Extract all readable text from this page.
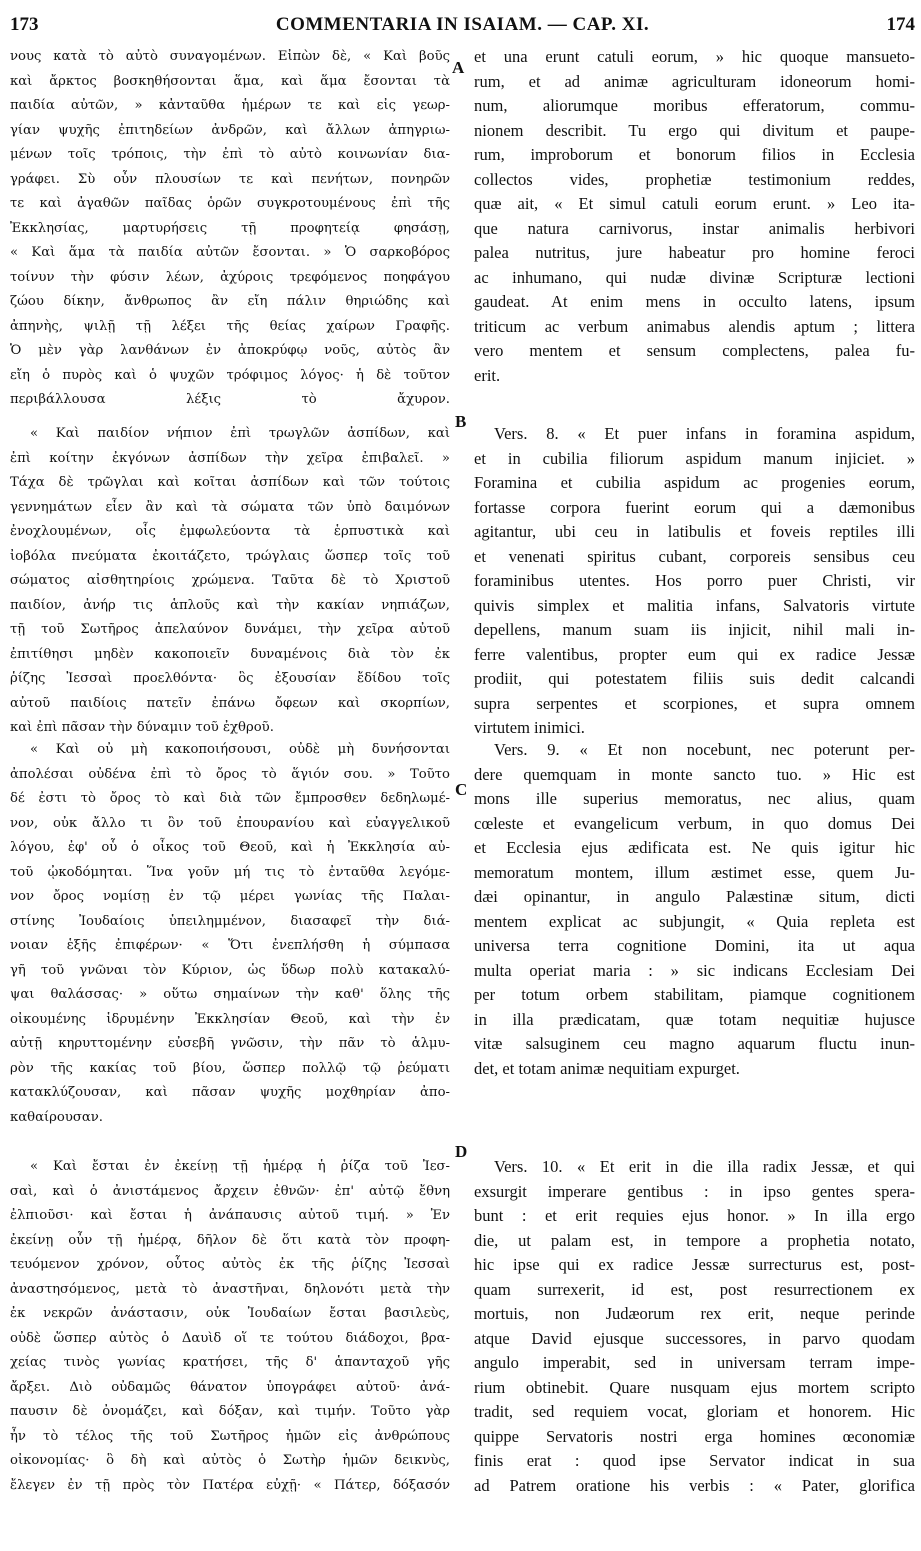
173	COMMENTARIA IN ISAIAM. — CAP. XI.	174
A
B
C
D
νους κατὰ τὸ αὐτὸ συναγομένων. Εἰπὼν δὲ, « Καὶ βοῦς
καὶ ἄρκτος βοσκηθήσονται ἅμα, καὶ ἅμα ἔσονται τὰ
παιδία αὐτῶν, » κἀνταῦθα ἡμέρων τε καὶ εἰς γεωρ-
γίαν ψυχῆς ἐπιτηδείων ἀνδρῶν, καὶ ἄλλων ἀπηγριω-
μένων τοῖς τρόποις, τὴν ἐπὶ τὸ αὐτὸ κοινωνίαν δια-
γράφει. Σὺ οὖν πλουσίων τε καὶ πενήτων, πονηρῶν
τε καὶ ἀγαθῶν παῖδας ὁρῶν συγκροτουμένους ἐπὶ τῆς
Ἐκκλησίας, μαρτυρήσεις τῇ προφητείᾳ φησάσῃ,
« Καὶ ἅμα τὰ παιδία αὐτῶν ἔσονται. » Ὁ σαρκοβόρος
τοίνυν τὴν φύσιν λέων, ἀχύροις τρεφόμενος ποηφάγου
ζώου δίκην, ἄνθρωπος ἂν εἴη πάλιν θηριώδης καὶ
ἀπηνὴς, ψιλῇ τῇ λέξει τῆς θείας χαίρων Γραφῆς.
Ὁ μὲν γὰρ λανθάνων ἐν ἀποκρύφῳ νοῦς, αὐτὸς ἂν
εἴη ὁ πυρὸς καὶ ὁ ψυχῶν τρόφιμος λόγος· ἡ δὲ τοῦτον
περιβάλλουσα λέξις τὸ ἄχυρον.
« Καὶ παιδίον νήπιον ἐπὶ τρωγλῶν ἀσπίδων, καὶ
ἐπὶ κοίτην ἐκγόνων ἀσπίδων τὴν χεῖρα ἐπιβαλεῖ. »
Τάχα δὲ τρῶγλαι καὶ κοῖται ἀσπίδων καὶ τῶν τούτοις
γεννημάτων εἶεν ἂν καὶ τὰ σώματα τῶν ὑπὸ δαιμόνων
ἐνοχλουμένων, οἷς ἐμφωλεύοντα τὰ ἑρπυστικὰ καὶ
ἰοβόλα πνεύματα ἐκοιτάζετο, τρώγλαις ὥσπερ τοῖς τοῦ
σώματος αἰσθητηρίοις χρώμενα. Ταῦτα δὲ τὸ Χριστοῦ
παιδίον, ἀνήρ τις ἁπλοῦς καὶ τὴν κακίαν νηπιάζων,
τῇ τοῦ Σωτῆρος ἀπελαύνον δυνάμει, τὴν χεῖρα αὐτοῦ
ἐπιτίθησι μηδὲν κακοποιεῖν δυναμένοις διὰ τὸν ἐκ
ῥίζης Ἰεσσαὶ προελθόντα· ὃς ἐξουσίαν ἔδίδου τοῖς
αὐτοῦ παιδίοις πατεῖν ἐπάνω ὄφεων καὶ σκορπίων,
καὶ ἐπὶ πᾶσαν τὴν δύναμιν τοῦ ἐχθροῦ.
« Καὶ οὐ μὴ κακοποιήσουσι, οὐδὲ μὴ δυνήσονται
ἀπολέσαι οὐδένα ἐπὶ τὸ ὄρος τὸ ἅγιόν σου. » Τοῦτο
δέ ἐστι τὸ ὄρος τὸ καὶ διὰ τῶν ἔμπροσθεν δεδηλωμέ-
νον, οὐκ ἄλλο τι ὂν τοῦ ἐπουρανίου καὶ εὐαγγελικοῦ
λόγου, ἐφ' οὗ ὁ οἶκος τοῦ Θεοῦ, καὶ ἡ Ἐκκλησία αὐ-
τοῦ ᾠκοδόμηται. Ἵνα γοῦν μή τις τὸ ἐνταῦθα λεγόμε-
νον ὄρος νομίσῃ ἐν τῷ μέρει γωνίας τῆς Παλαι-
στίνης Ἰουδαίοις ὑπειλημμένον, διασαφεῖ τὴν διά-
νοιαν ἑξῆς ἐπιφέρων· « Ὅτι ἐνεπλήσθη ἡ σύμπασα
γῆ τοῦ γνῶναι τὸν Κύριον, ὡς ὕδωρ πολὺ κατακαλύ-
ψαι θαλάσσας· » οὕτω σημαίνων τὴν καθ' ὅλης τῆς
οἰκουμένης ἱδρυμένην Ἐκκλησίαν Θεοῦ, καὶ τὴν ἐν
αὐτῇ κηρυττομένην εὐσεβῆ γνῶσιν, τὴν πᾶν τὸ ἁλμυ-
ρὸν τῆς κακίας τοῦ βίου, ὥσπερ πολλῷ τῷ ῥεύματι
κατακλύζουσαν, καὶ πᾶσαν ψυχῆς μοχθηρίαν ἀπο-
καθαίρουσαν.
« Καὶ ἔσται ἐν ἐκείνῃ τῇ ἡμέρᾳ ἡ ῥίζα τοῦ Ἰεσ-
σαὶ, καὶ ὁ ἀνιστάμενος ἄρχειν ἐθνῶν· ἐπ' αὐτῷ ἔθνη
ἐλπιοῦσι· καὶ ἔσται ἡ ἀνάπαυσις αὐτοῦ τιμή. » Ἐν
ἐκείνῃ οὖν τῇ ἡμέρᾳ, δῆλον δὲ ὅτι κατὰ τὸν προφη-
τευόμενον χρόνον, οὗτος αὐτὸς ἐκ τῆς ῥίζης Ἰεσσαὶ
ἀναστησόμενος, μετὰ τὸ ἀναστῆναι, δηλονότι μετὰ τὴν
ἐκ νεκρῶν ἀνάστασιν, οὐκ Ἰουδαίων ἔσται βασιλεὺς,
οὐδὲ ὥσπερ αὐτὸς ὁ Δαυὶδ οἵ τε τούτου διάδοχοι, βρα-
χείας τινὸς γωνίας κρατήσει, τῆς δ' ἁπανταχοῦ γῆς
ἄρξει. Διὸ οὐδαμῶς θάνατον ὑπογράφει αὐτοῦ· ἀνά-
παυσιν δὲ ὀνομάζει, καὶ δόξαν, καὶ τιμήν. Τοῦτο γὰρ
ἦν τὸ τέλος τῆς τοῦ Σωτῆρος ἡμῶν εἰς ἀνθρώπους
οἰκονομίας· ὃ δὴ καὶ αὐτὸς ὁ Σωτὴρ ἡμῶν δεικνὺς,
ἔλεγεν ἐν τῇ πρὸς τὸν Πατέρα εὐχῇ· « Πάτερ, δόξασόν
et una erunt catuli eorum, » hic quoque mansueto-
rum, et ad animæ agriculturam idoneorum homi-
num, aliorumque moribus efferatorum, commu-
nionem describit. Tu ergo qui divitum et paupe-
rum, improborum et bonorum filios in Ecclesia
collectos vides, prophetiæ testimonium reddes,
quæ ait, « Et simul catuli eorum erunt. » Leo ita-
que natura carnivorus, instar animalis herbivori
palea nutritus, jure habeatur pro homine feroci
ac inhumano, qui nudæ divinæ Scripturæ lectioni
gaudeat. At enim mens in occulto latens, ipsum
triticum ac verbum animabus alendis aptum ; littera
vero mentem et sensum complectens, palea fu-
erit.
Vers. 8. « Et puer infans in foramina aspidum,
et in cubilia filiorum aspidum manum injiciet. »
Foramina et cubilia aspidum ac progenies eorum,
fortasse corpora fuerint eorum qui a dæmonibus
agitantur, ubi ceu in latibulis et foveis reptiles illi
et venenati spiritus cubant, corporeis sensibus ceu
foraminibus utentes. Hos porro puer Christi, vir
quivis simplex et malitia infans, Salvatoris virtute
depellens, manum suam iis injicit, nihil mali in-
ferre valentibus, propter eum qui ex radice Jessæ
prodiit, qui potestatem filiis suis dedit calcandi
supra serpentes et scorpiones, et supra omnem
virtutem inimici.
Vers. 9. « Et non nocebunt, nec poterunt per-
dere quemquam in monte sancto tuo. » Hic est
mons ille superius memoratus, nec alius, quam
cœleste et evangelicum verbum, in quo domus Dei
et Ecclesia ejus ædificata est. Ne quis igitur hic
memoratum montem, illum æstimet esse, quem Ju-
dæi opinantur, in angulo Palæstinæ situm, dicti
mentem explicat ac subjungit, « Quia repleta est
universa terra cognitione Domini, ita ut aqua
multa operiat maria : » sic indicans Ecclesiam Dei
per totum orbem stabilitam, piamque cognitionem
in illa prædicatam, quæ totam nequitiæ hujusce
vitæ salsuginem ceu magno aquarum fluctu inun-
det, et totam animæ nequitiam expurget.
Vers. 10. « Et erit in die illa radix Jessæ, et qui
exsurgit imperare gentibus : in ipso gentes spera-
bunt : et erit requies ejus honor. » In illa ergo
die, ut palam est, in tempore a prophetia notato,
hic ipse qui ex radice Jessæ surrecturus est, post-
quam surrexerit, id est, post resurrectionem ex
mortuis, non Judæorum rex erit, neque perinde
atque David ejusque successores, in parvo quodam
angulo imperabit, sed in universam terram impe-
rium obtinebit. Quare nusquam ejus mortem scripto
tradit, sed requiem vocat, gloriam et honorem. Hic
quippe Servatoris nostri erga homines œconomiæ
finis erat : quod ipse Servator indicat in sua
ad Patrem oratione his verbis : « Pater, glorifica
